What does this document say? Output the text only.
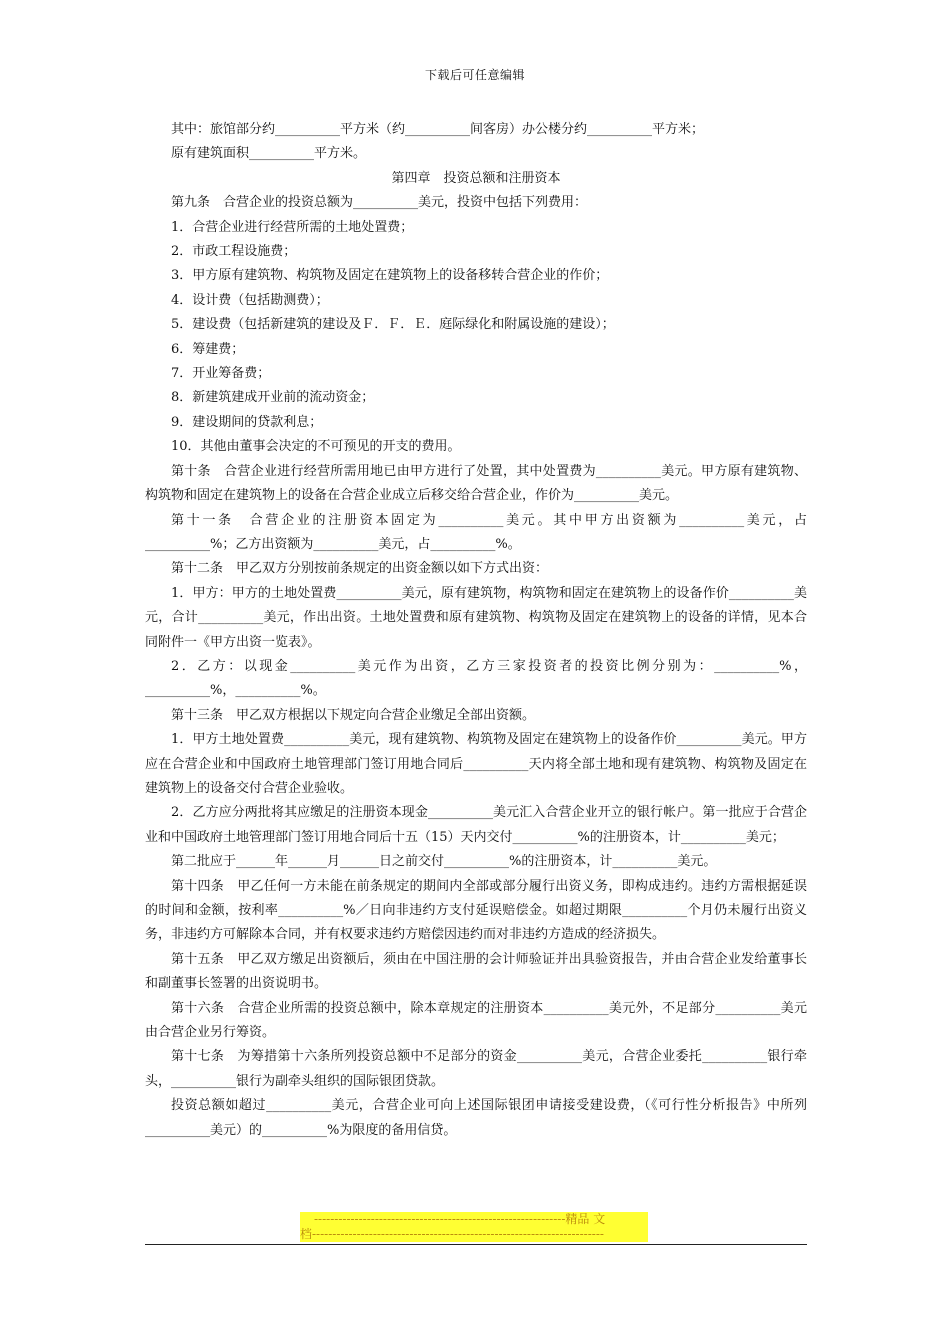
下载后可任意编辑

其中：旅馆部分约__________平方米（约__________间客房）办公楼分约__________平方米；

原有建筑面积__________平方米。

第四章　投资总额和注册资本

第九条　合营企业的投资总额为__________美元，投资中包括下列费用：

1．合营企业进行经营所需的土地处置费；

2．市政工程设施费；

3．甲方原有建筑物、构筑物及固定在建筑物上的设备移转合营企业的作价；

4．设计费（包括勘测费）；

5．建设费（包括新建筑的建设及Ｆ．Ｆ．Ｅ．庭际绿化和附属设施的建设）；

6．筹建费；

7．开业筹备费；

8．新建筑建成开业前的流动资金；

9．建设期间的贷款利息；

10．其他由董事会决定的不可预见的开支的费用。

第十条　合营企业进行经营所需用地已由甲方进行了处置，其中处置费为__________美元。甲方原有建筑物、构筑物和固定在建筑物上的设备在合营企业成立后移交给合营企业，作价为__________美元。

第十一条　合营企业的注册资本固定为__________美元。其中甲方出资额为__________美元，占__________%；乙方出资额为__________美元，占__________%。

第十二条　甲乙双方分别按前条规定的出资金额以如下方式出资：

1．甲方：甲方的土地处置费__________美元，原有建筑物，构筑物和固定在建筑物上的设备作价__________美元，合计__________美元，作出出资。土地处置费和原有建筑物、构筑物及固定在建筑物上的设备的详情，见本合同附件一《甲方出资一览表》。

2．乙方：以现金__________美元作为出资，乙方三家投资者的投资比例分别为：__________%，__________%，__________%。

第十三条　甲乙双方根据以下规定向合营企业缴足全部出资额。

1．甲方土地处置费__________美元，现有建筑物、构筑物及固定在建筑物上的设备作价__________美元。甲方应在合营企业和中国政府土地管理部门签订用地合同后__________天内将全部土地和现有建筑物、构筑物及固定在建筑物上的设备交付合营企业验收。

2．乙方应分两批将其应缴足的注册资本现金__________美元汇入合营企业开立的银行帐户。第一批应于合营企业和中国政府土地管理部门签订用地合同后十五（15）天内交付__________%的注册资本，计__________美元；

第二批应于______年______月______日之前交付__________%的注册资本，计__________美元。

第十四条　甲乙任何一方未能在前条规定的期间内全部或部分履行出资义务，即构成违约。违约方需根据延误的时间和金额，按利率__________%／日向非违约方支付延误赔偿金。如超过期限__________个月仍未履行出资义务，非违约方可解除本合同，并有权要求违约方赔偿因违约而对非违约方造成的经济损失。

第十五条　甲乙双方缴足出资额后，须由在中国注册的会计师验证并出具验资报告，并由合营企业发给董事长和副董事长签署的出资说明书。

第十六条　合营企业所需的投资总额中，除本章规定的注册资本__________美元外，不足部分__________美元由合营企业另行筹资。

第十七条　为筹措第十六条所列投资总额中不足部分的资金__________美元，合营企业委托__________银行牵头，__________银行为副牵头组织的国际银团贷款。

投资总额如超过__________美元，合营企业可向上述国际银团申请接受建设费，（《可行性分析报告》中所列__________美元）的__________%为限度的备用信贷。

--------------------------------------------------------------精品 文
档------------------------------------------------------------------------
